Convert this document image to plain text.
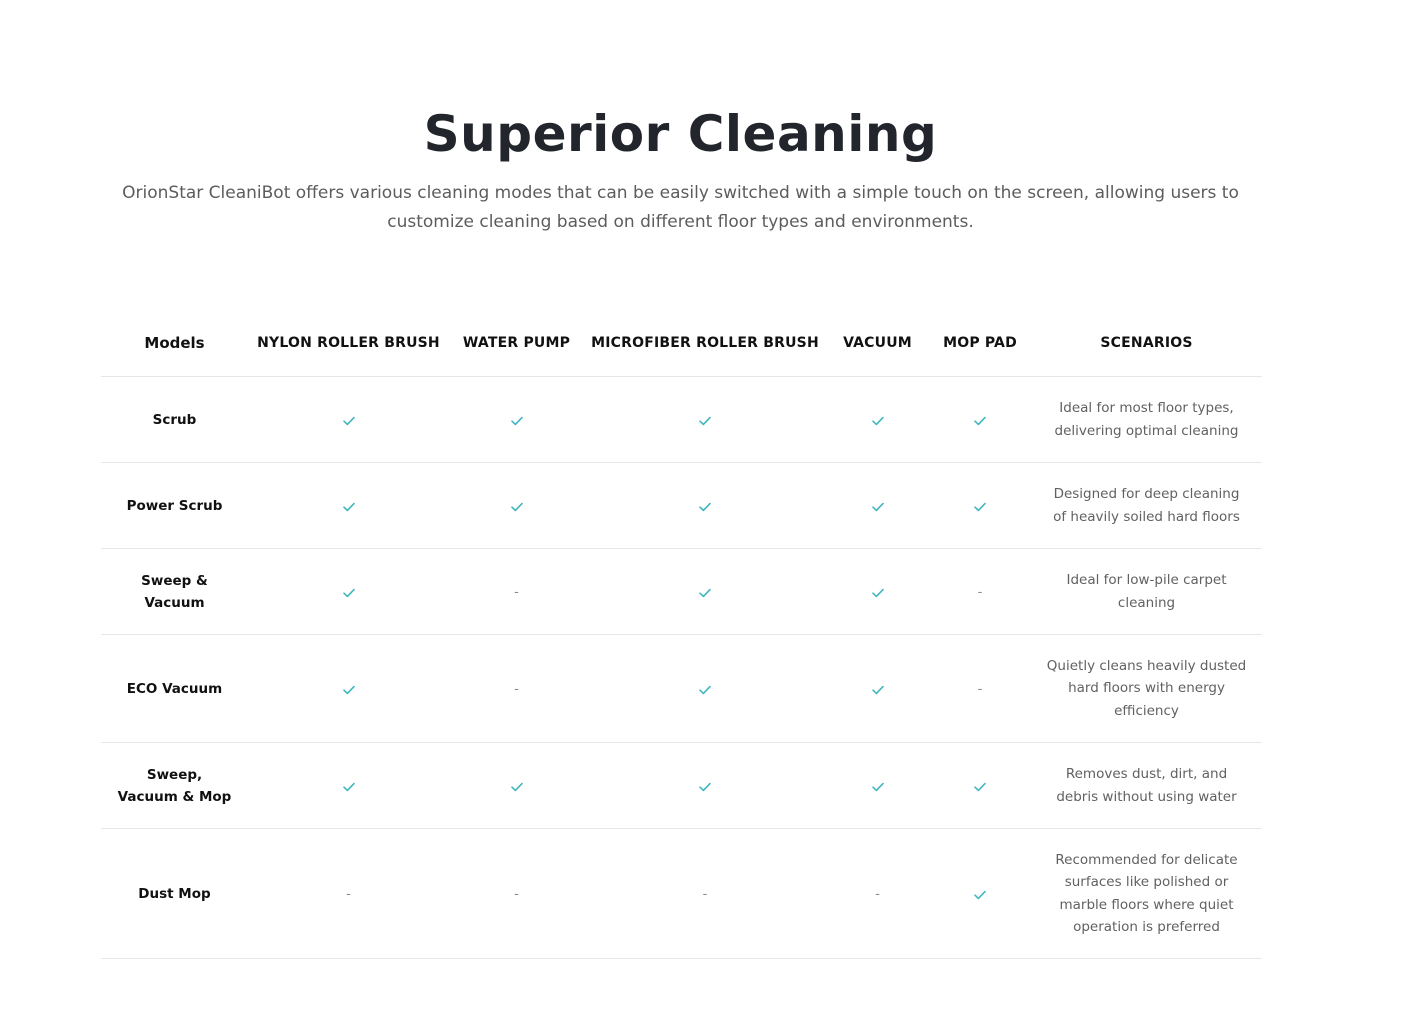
Superior Cleaning

OrionStar CleaniBot offers various cleaning modes that can be easily switched with a simple touch on the screen, allowing users to customize cleaning based on different floor types and environments.

Models	NYLON ROLLER BRUSH	WATER PUMP	MICROFIBER ROLLER BRUSH	VACUUM	MOP PAD	SCENARIOS
Scrub						Ideal for most floor types, delivering optimal cleaning
Power Scrub						Designed for deep cleaning of heavily soiled hard floors
Sweep & Vacuum		-			-	Ideal for low-pile carpet cleaning
ECO Vacuum		-			-	Quietly cleans heavily dusted hard floors with energy efficiency
Sweep, Vacuum & Mop						Removes dust, dirt, and debris without using water
Dust Mop	-	-	-	-		Recommended for delicate surfaces like polished or marble floors where quiet operation is preferred
